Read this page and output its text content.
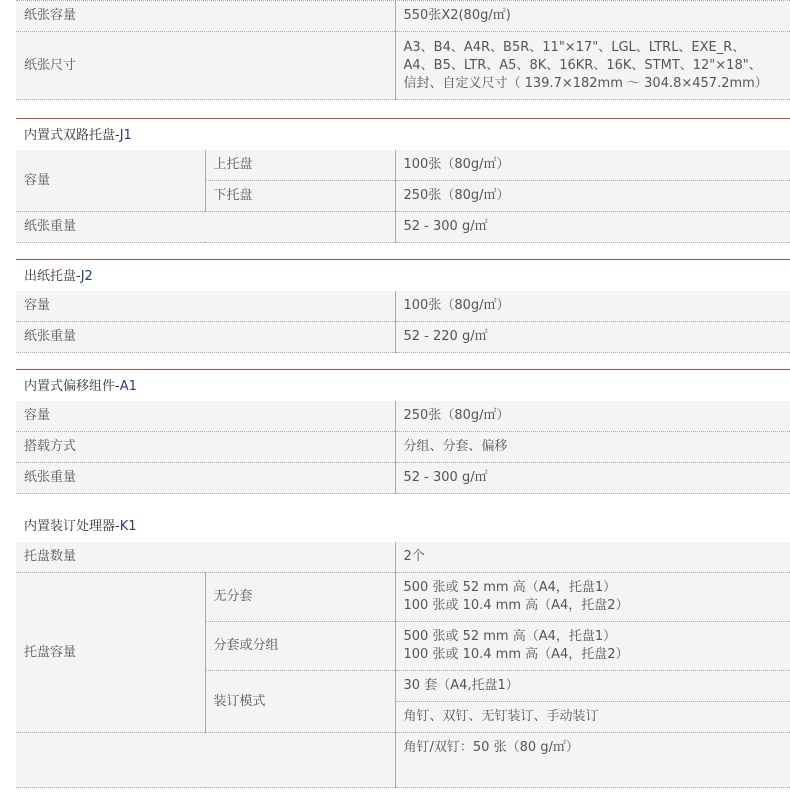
纸张容量	550张X2(80g/㎡)
纸张尺寸	A3、B4、A4R、B5R、11"×17"、LGL、LTRL、EXE_R、
A4、B5、LTR、A5、8K、16KR、16K、STMT、12"×18"、
信封、自定义尺寸（ 139.7×182mm ～ 304.8×457.2mm）
内置式双路托盘-J1
容量	上托盘	100张（80g/㎡）
	下托盘	250张（80g/㎡）
纸张重量		52 - 300 g/㎡
出纸托盘-J2
容量	100张（80g/㎡）
纸张重量	52 - 220 g/㎡
内置式偏移组件-A1
容量	250张（80g/㎡）
搭载方式	分组、分套、偏移
纸张重量	52 - 300 g/㎡
内置装订处理器-K1
托盘数量		2个
托盘容量	无分套	500 张或 52 mm 高（A4，托盘1）
100 张或 10.4 mm 高（A4，托盘2）
	分套或分组	500 张或 52 mm 高（A4，托盘1）
100 张或 10.4 mm 高（A4，托盘2）
	装订模式	30 套（A4,托盘1）
		角钉、双钉、无钉装订、手动装订
		角钉/双钉：50 张（80 g/㎡）
